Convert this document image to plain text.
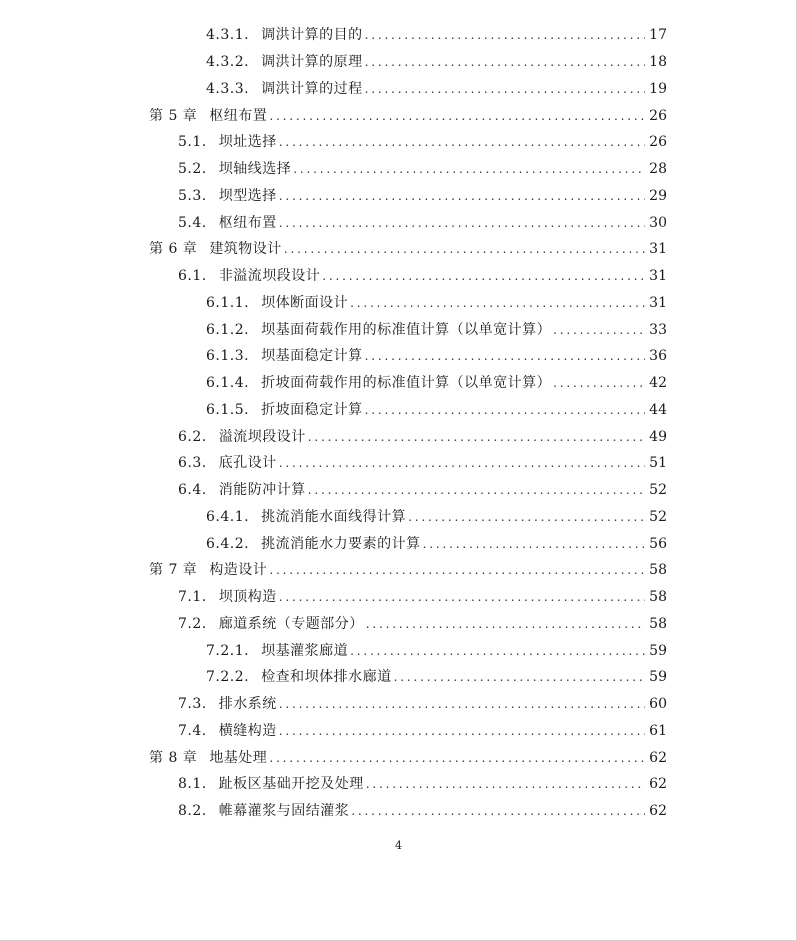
4.3.1. 调洪计算的目的 . . .	17
4.3.2. 调洪计算的原理 . . .	18
4.3.3. 调洪计算的过程 . . .	19
第 5 章 枢纽布置 . . .	26
5.1. 坝址选择 . . .	26
5.2. 坝轴线选择 . . .	28
5.3. 坝型选择 . . .	29
5.4. 枢纽布置 . . .	30
第 6 章 建筑物设计 . . .	31
6.1. 非溢流坝段设计 . . .	31
6.1.1. 坝体断面设计 . . .	31
6.1.2. 坝基面荷载作用的标准值计算（以单宽计算） . . .	33
6.1.3. 坝基面稳定计算 . . .	36
6.1.4. 折坡面荷载作用的标准值计算（以单宽计算） . . .	42
6.1.5. 折坡面稳定计算 . . .	44
6.2. 溢流坝段设计 . . .	49
6.3. 底孔设计 . . .	51
6.4. 消能防冲计算 . . .	52
6.4.1. 挑流消能水面线得计算 . . .	52
6.4.2. 挑流消能水力要素的计算 . . .	56
第 7 章 构造设计 . . .	58
7.1. 坝顶构造 . . .	58
7.2. 廊道系统（专题部分） . . .	58
7.2.1. 坝基灌浆廊道 . . .	59
7.2.2. 检查和坝体排水廊道 . . .	59
7.3. 排水系统 . . .	60
7.4. 横缝构造 . . .	61
第 8 章 地基处理 . . .	62
8.1. 趾板区基础开挖及处理 . . .	62
8.2. 帷幕灌浆与固结灌浆 . . .	62
4
